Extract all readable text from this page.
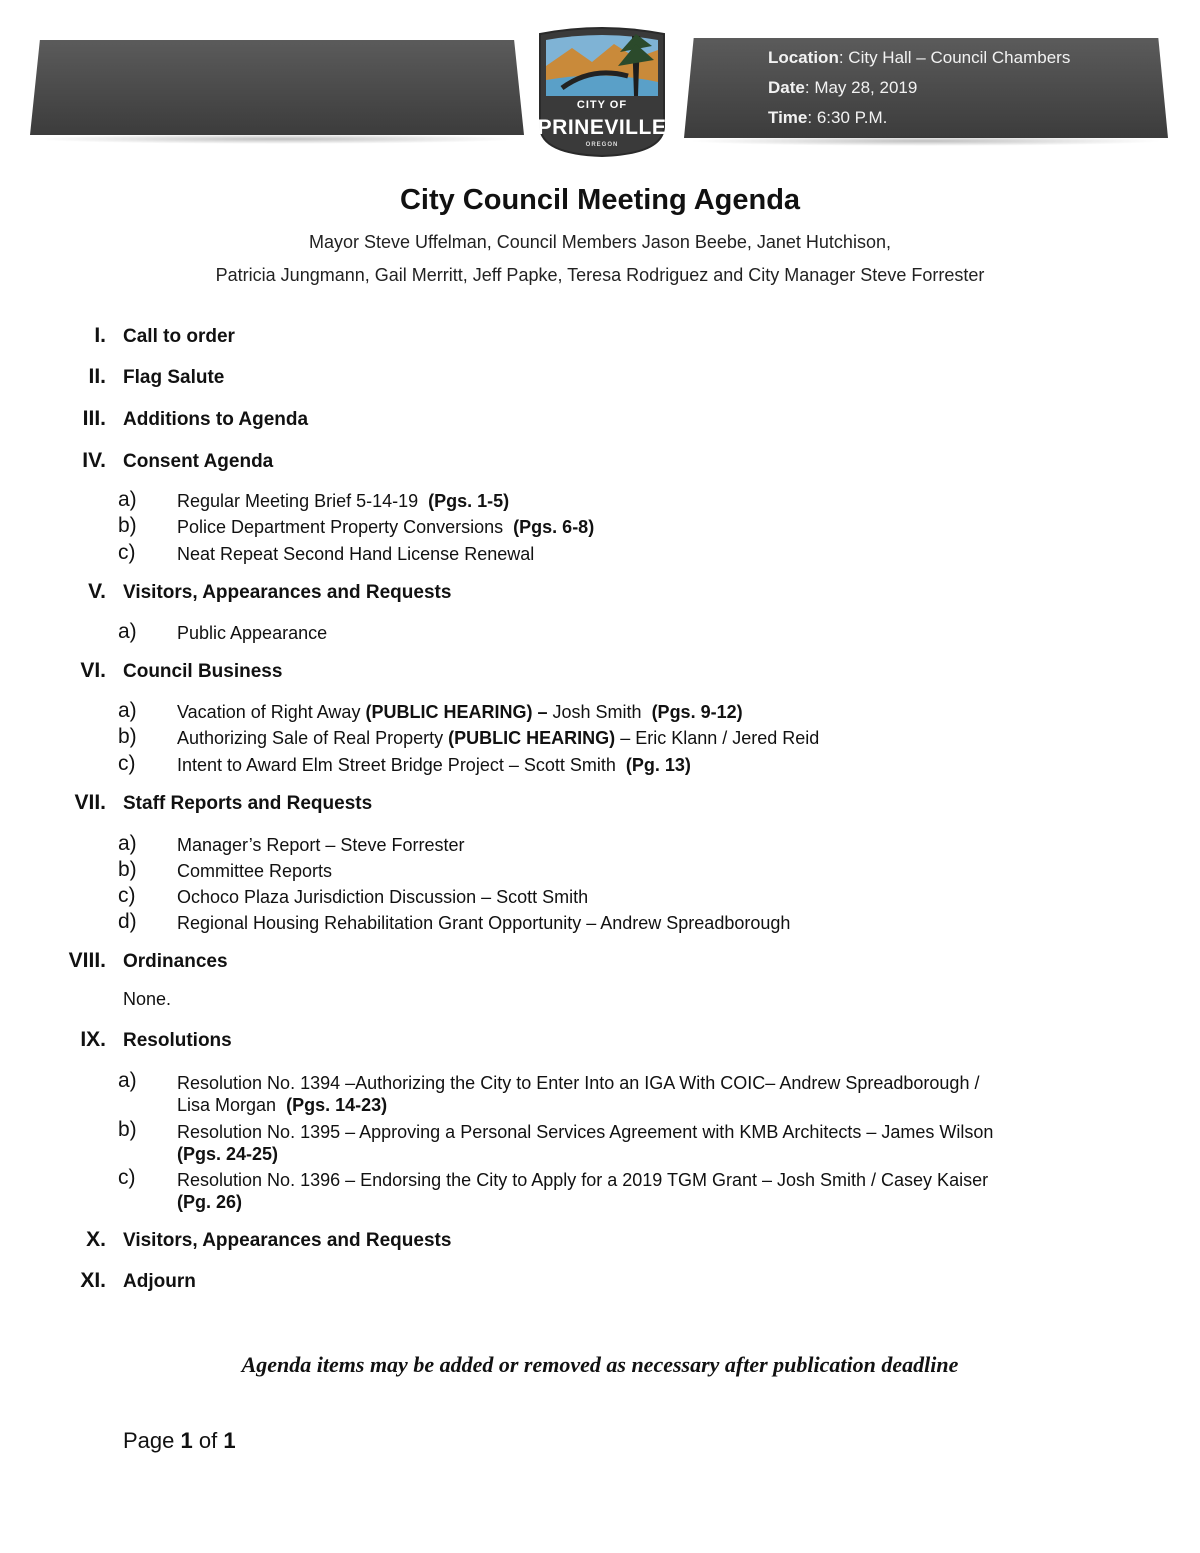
Location: City Hall – Council Chambers
Date: May 28, 2019
Time: 6:30 P.M.
CITY OF
PRINEVILLE
OREGON
City Council Meeting Agenda
Mayor Steve Uffelman, Council Members Jason Beebe, Janet Hutchison,
Patricia Jungmann, Gail Merritt, Jeff Papke, Teresa Rodriguez and City Manager Steve Forrester
I. Call to order
II. Flag Salute
III. Additions to Agenda
IV. Consent Agenda
a) Regular Meeting Brief 5-14-19 (Pgs. 1-5)
b) Police Department Property Conversions (Pgs. 6-8)
c) Neat Repeat Second Hand License Renewal
V. Visitors, Appearances and Requests
a) Public Appearance
VI. Council Business
a) Vacation of Right Away (PUBLIC HEARING) – Josh Smith (Pgs. 9-12)
b) Authorizing Sale of Real Property (PUBLIC HEARING) – Eric Klann / Jered Reid
c) Intent to Award Elm Street Bridge Project – Scott Smith (Pg. 13)
VII. Staff Reports and Requests
a) Manager’s Report – Steve Forrester
b) Committee Reports
c) Ochoco Plaza Jurisdiction Discussion – Scott Smith
d) Regional Housing Rehabilitation Grant Opportunity – Andrew Spreadborough
VIII. Ordinances
None.
IX. Resolutions
a) Resolution No. 1394 –Authorizing the City to Enter Into an IGA With COIC– Andrew Spreadborough /
Lisa Morgan (Pgs. 14-23)
b) Resolution No. 1395 – Approving a Personal Services Agreement with KMB Architects – James Wilson
(Pgs. 24-25)
c) Resolution No. 1396 – Endorsing the City to Apply for a 2019 TGM Grant – Josh Smith / Casey Kaiser
(Pg. 26)
X. Visitors, Appearances and Requests
XI. Adjourn
Agenda items may be added or removed as necessary after publication deadline
Page 1 of 1
